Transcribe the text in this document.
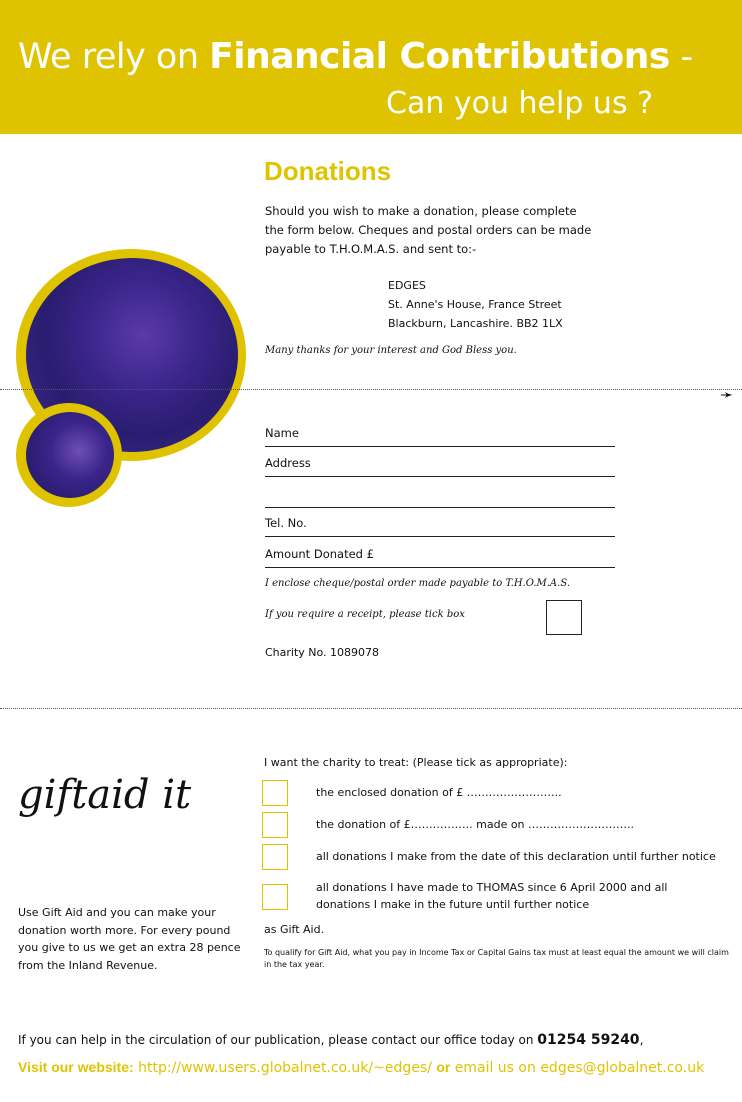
We rely on Financial Contributions -
Can you help us ?
Donations
Should you wish to make a donation, please complete the form below. Cheques and postal orders can be made payable to T.H.O.M.A.S. and sent to:-
EDGES
St. Anne's House, France Street
Blackburn, Lancashire. BB2 1LX
Many thanks for your interest and God Bless you.
➛
Name
Address
Tel. No.
Amount Donated £
I enclose cheque/postal order made payable to T.H.O.M.A.S.
If you require a receipt, please tick box
Charity No. 1089078
giftaid it
Use Gift Aid and you can make your donation worth more. For every pound you give to us we get an extra 28 pence from the Inland Revenue.
I want the charity to treat: (Please tick as appropriate):
the enclosed donation of £ ……………………..
the donation of £…………….. made on ………………………..
all donations I make from the date of this declaration until further notice
all donations I have made to THOMAS since 6 April 2000 and all donations I make in the future until further notice
as Gift Aid.
To qualify for Gift Aid, what you pay in Income Tax or Capital Gains tax must at least equal the amount we will claim in the tax year.
If you can help in the circulation of our publication, please contact our office today on 01254 59240,
Visit our website: http://www.users.globalnet.co.uk/~edges/ or email us on edges@globalnet.co.uk
